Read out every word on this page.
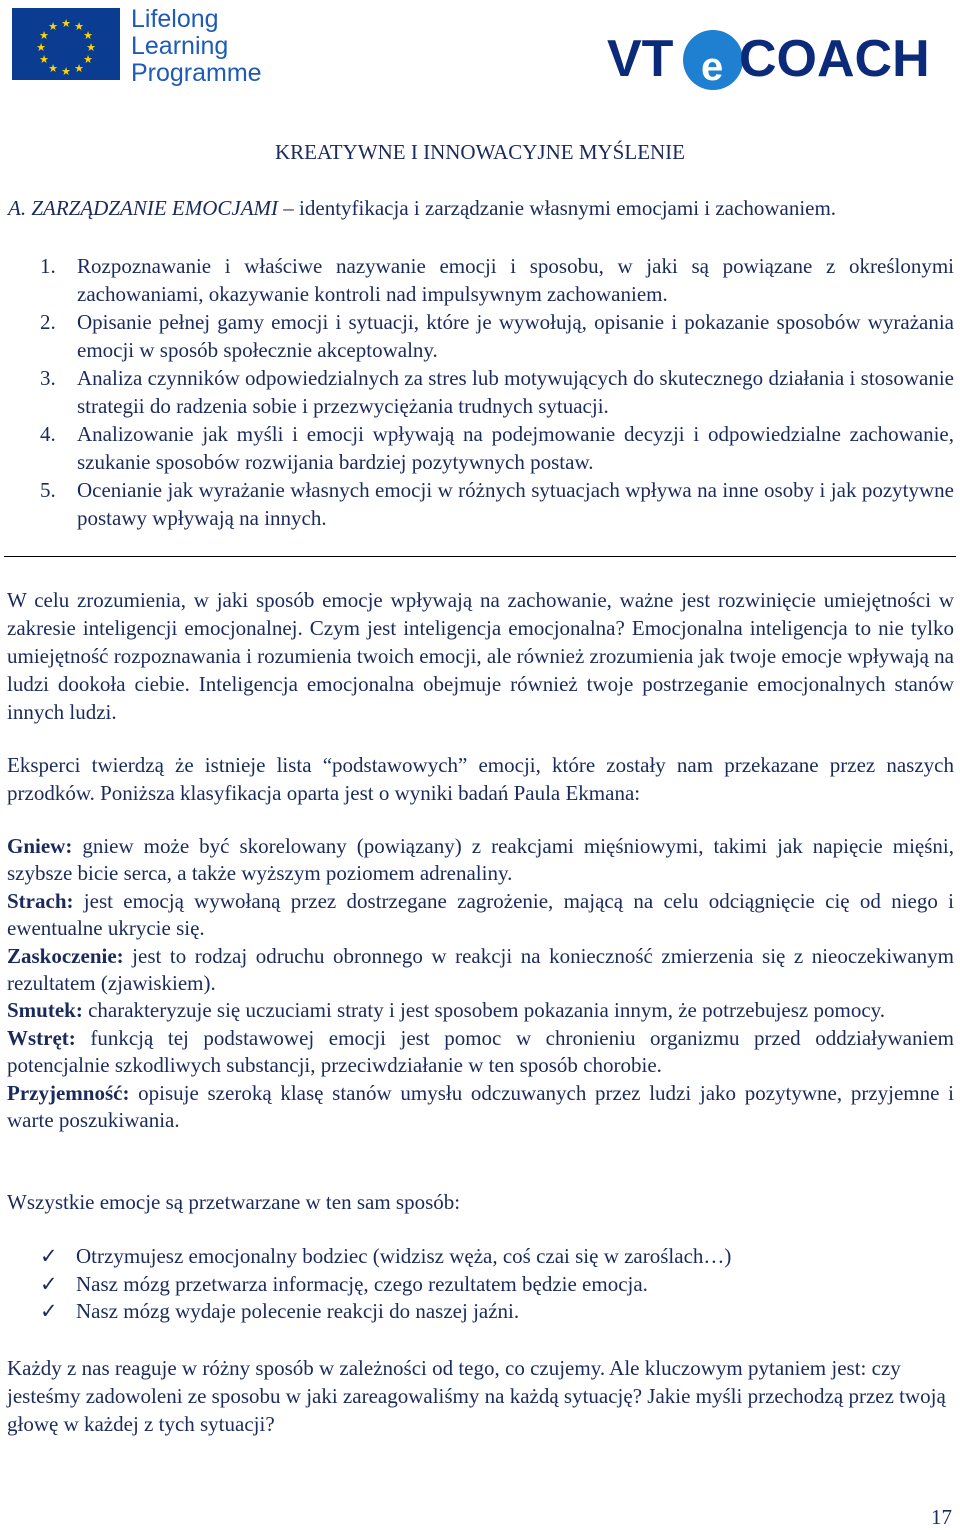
★ ★
★
★
★
★
★
★
★
★
★
★	Lifelong
Learning
Programme	VT e COACH
KREATYWNE I INNOWACYJNE MYŚLENIE
A. ZARZĄDZANIE EMOCJAMI – identyfikacja i zarządzanie własnymi emocjami i zachowaniem.
1. Rozpoznawanie i właściwe nazywanie emocji i sposobu, w jaki są powiązane z określonymi zachowaniami, okazywanie kontroli nad impulsywnym zachowaniem.
2. Opisanie pełnej gamy emocji i sytuacji, które je wywołują, opisanie i pokazanie sposobów wyrażania emocji w sposób społecznie akceptowalny.
3. Analiza czynników odpowiedzialnych za stres lub motywujących do skutecznego działania i stosowanie strategii do radzenia sobie i przezwyciężania trudnych sytuacji.
4. Analizowanie jak myśli i emocji wpływają na podejmowanie decyzji i odpowiedzialne zachowanie, szukanie sposobów rozwijania bardziej pozytywnych postaw.
5. Ocenianie jak wyrażanie własnych emocji w różnych sytuacjach wpływa na inne osoby i jak pozytywne postawy wpływają na innych.

W celu zrozumienia, w jaki sposób emocje wpływają na zachowanie, ważne jest rozwinięcie umiejętności w zakresie inteligencji emocjonalnej. Czym jest inteligencja emocjonalna? Emocjonalna inteligencja to nie tylko umiejętność rozpoznawania i rozumienia twoich emocji, ale również zrozumienia jak twoje emocje wpływają na ludzi dookoła ciebie. Inteligencja emocjonalna obejmuje również twoje postrzeganie emocjonalnych stanów innych ludzi.

Eksperci twierdzą że istnieje lista “podstawowych” emocji, które zostały nam przekazane przez naszych przodków. Poniższa klasyfikacja oparta jest o wyniki badań Paula Ekmana:

Gniew: gniew może być skorelowany (powiązany) z reakcjami mięśniowymi, takimi jak napięcie mięśni, szybsze bicie serca, a także wyższym poziomem adrenaliny.

Strach: jest emocją wywołaną przez dostrzegane zagrożenie, mającą na celu odciągnięcie cię od niego i ewentualne ukrycie się.

Zaskoczenie: jest to rodzaj odruchu obronnego w reakcji na konieczność zmierzenia się z nieoczekiwanym rezultatem (zjawiskiem).

Smutek: charakteryzuje się uczuciami straty i jest sposobem pokazania innym, że potrzebujesz pomocy.

Wstręt: funkcją tej podstawowej emocji jest pomoc w chronieniu organizmu przed oddziaływaniem potencjalnie szkodliwych substancji, przeciwdziałanie w ten sposób chorobie.

Przyjemność: opisuje szeroką klasę stanów umysłu odczuwanych przez ludzi jako pozytywne, przyjemne i warte poszukiwania.

Wszystkie emocje są przetwarzane w ten sam sposób:

✓ Otrzymujesz emocjonalny bodziec (widzisz węża, coś czai się w zaroślach…)
✓ Nasz mózg przetwarza informację, czego rezultatem będzie emocja.
✓ Nasz mózg wydaje polecenie reakcji do naszej jaźni.

Każdy z nas reaguje w różny sposób w zależności od tego, co czujemy. Ale kluczowym pytaniem jest: czy jesteśmy zadowoleni ze sposobu w jaki zareagowaliśmy na każdą sytuację? Jakie myśli przechodzą przez twoją głowę w każdej z tych sytuacji?

17
